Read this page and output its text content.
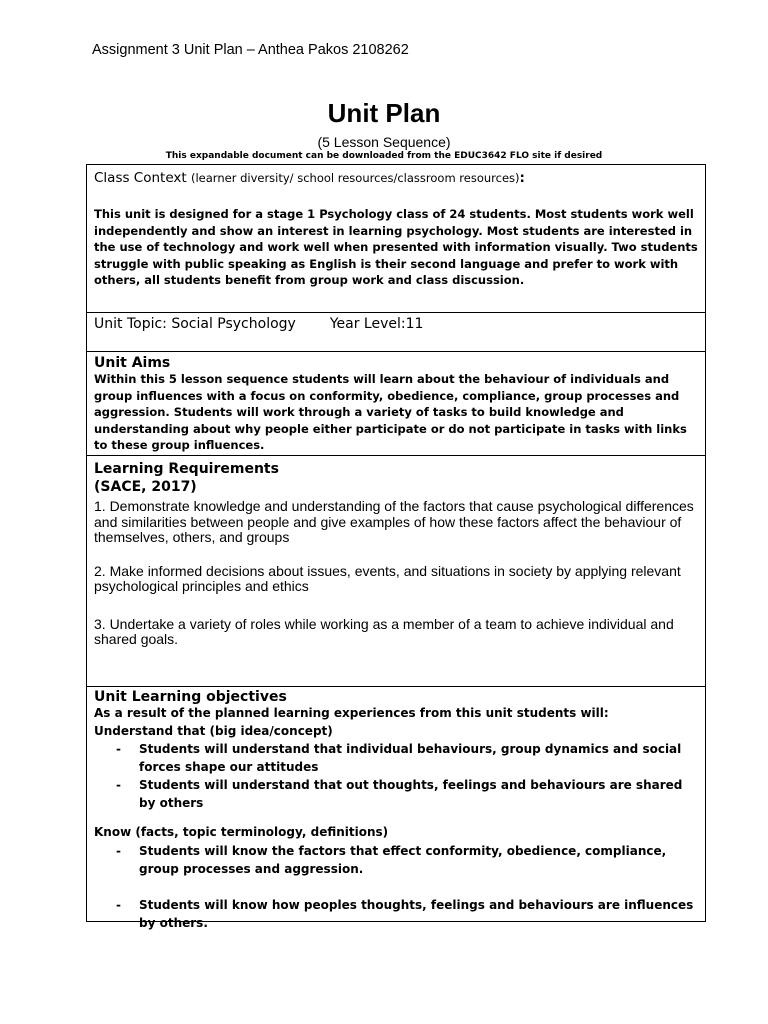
Assignment 3 Unit Plan – Anthea Pakos 2108262
Unit Plan
(5 Lesson Sequence)
This expandable document can be downloaded from the EDUC3642 FLO site if desired
Class Context (learner diversity/ school resources/classroom resources):
This unit is designed for a stage 1 Psychology class of 24 students. Most students work well independently and show an interest in learning psychology. Most students are interested in the use of technology and work well when presented with information visually. Two students struggle with public speaking as English is their second language and prefer to work with others, all students benefit from group work and class discussion.
Unit Topic: Social Psychology Year Level:11
Unit Aims
Within this 5 lesson sequence students will learn about the behaviour of individuals and group influences with a focus on conformity, obedience, compliance, group processes and aggression. Students will work through a variety of tasks to build knowledge and understanding about why people either participate or do not participate in tasks with links to these group influences.
Learning Requirements
(SACE, 2017)
1. Demonstrate knowledge and understanding of the factors that cause psychological differences and similarities between people and give examples of how these factors affect the behaviour of themselves, others, and groups
2. Make informed decisions about issues, events, and situations in society by applying relevant psychological principles and ethics
3. Undertake a variety of roles while working as a member of a team to achieve individual and shared goals.
Unit Learning objectives
As a result of the planned learning experiences from this unit students will:
Understand that (big idea/concept)
- Students will understand that individual behaviours, group dynamics and social forces shape our attitudes
- Students will understand that out thoughts, feelings and behaviours are shared by others
Know (facts, topic terminology, definitions)
- Students will know the factors that effect conformity, obedience, compliance, group processes and aggression.
- Students will know how peoples thoughts, feelings and behaviours are influences by others.
